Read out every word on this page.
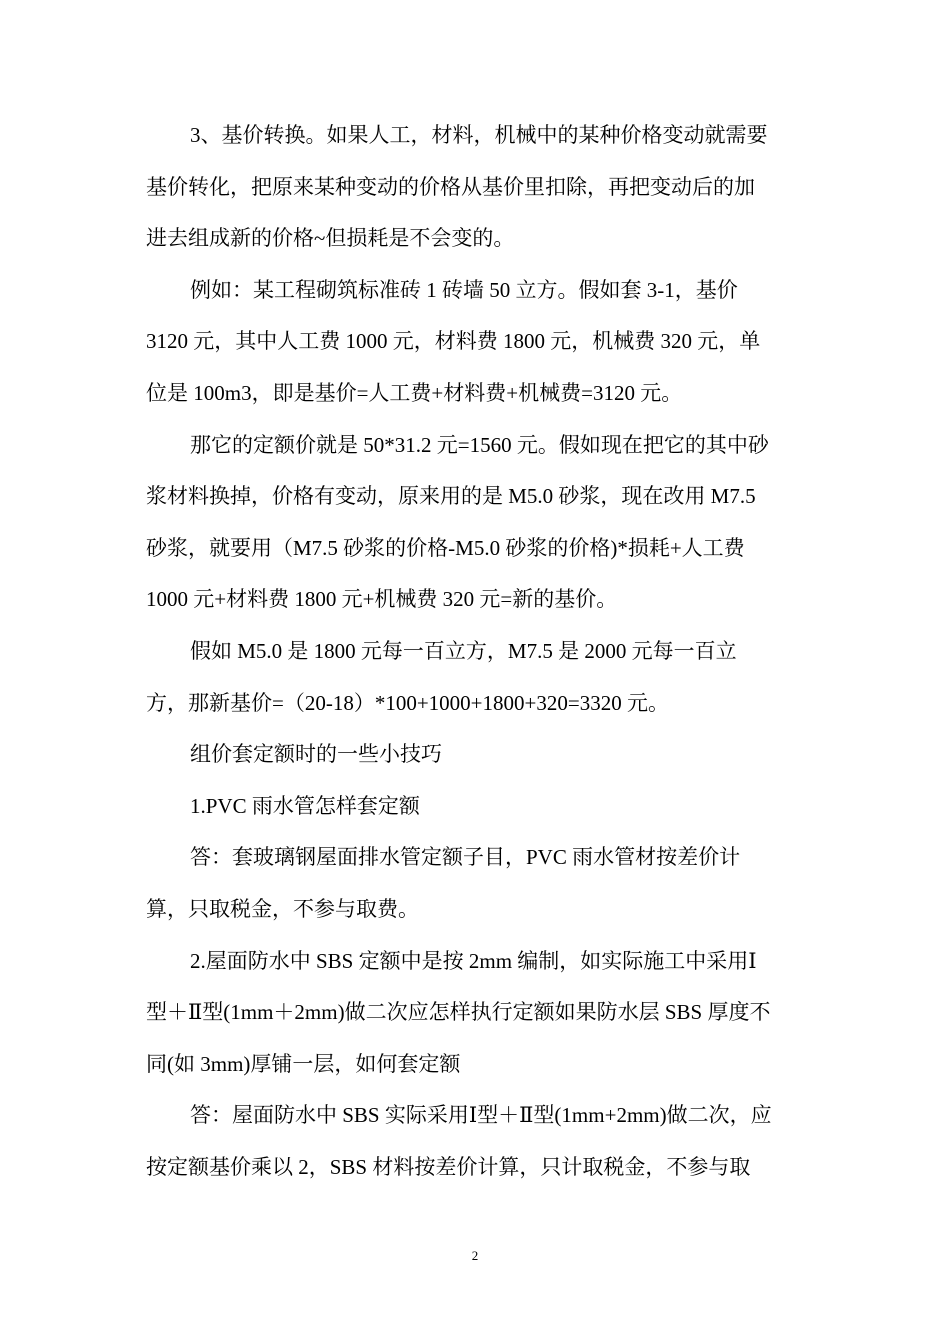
3、基价转换。如果人工，材料，机械中的某种价格变动就需要
基价转化，把原来某种变动的价格从基价里扣除，再把变动后的加
进去组成新的价格~但损耗是不会变的。
例如：某工程砌筑标准砖 1 砖墙 50 立方。假如套 3-1，基价
3120 元，其中人工费 1000 元，材料费 1800 元，机械费 320 元，单
位是 100m3，即是基价=人工费+材料费+机械费=3120 元。
那它的定额价就是 50*31.2 元=1560 元。假如现在把它的其中砂
浆材料换掉，价格有变动，原来用的是 M5.0 砂浆，现在改用 M7.5
砂浆，就要用（M7.5 砂浆的价格-M5.0 砂浆的价格)*损耗+人工费
1000 元+材料费 1800 元+机械费 320 元=新的基价。
假如 M5.0 是 1800 元每一百立方，M7.5 是 2000 元每一百立
方，那新基价=（20-18）*100+1000+1800+320=3320 元。
组价套定额时的一些小技巧
1.PVC 雨水管怎样套定额
答：套玻璃钢屋面排水管定额子目，PVC 雨水管材按差价计
算，只取税金，不参与取费。
2.屋面防水中 SBS 定额中是按 2mm 编制，如实际施工中采用Ⅰ
型＋Ⅱ型(1mm＋2mm)做二次应怎样执行定额如果防水层 SBS 厚度不
同(如 3mm)厚铺一层，如何套定额
答：屋面防水中 SBS 实际采用Ⅰ型＋Ⅱ型(1mm+2mm)做二次，应
按定额基价乘以 2，SBS 材料按差价计算，只计取税金，不参与取
2
